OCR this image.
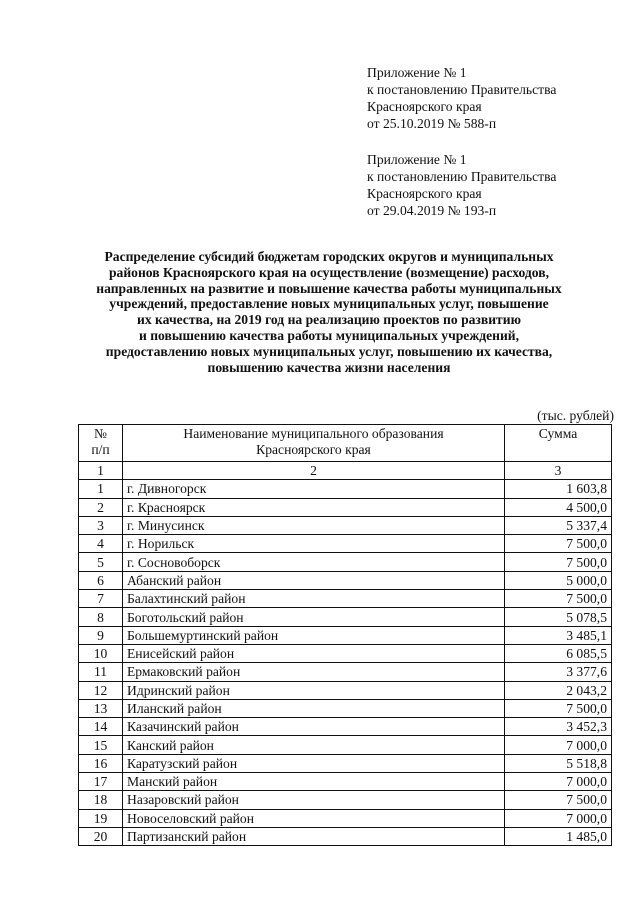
Приложение № 1

к постановлению Правительства

Красноярского края

от 25.10.2019 № 588-п

Приложение № 1

к постановлению Правительства

Красноярского края

от 29.04.2019 № 193-п

Распределение субсидий бюджетам городских округов и муниципальных

районов Красноярского края на осуществление (возмещение) расходов,

направленных на развитие и повышение качества работы муниципальных

учреждений, предоставление новых муниципальных услуг, повышение

их качества, на 2019 год на реализацию проектов по развитию

и повышению качества работы муниципальных учреждений,

предоставлению новых муниципальных услуг, повышению их качества,

повышению качества жизни населения

(тыс. рублей)
№
п/п	Наименование муниципального образования
Красноярского края	Сумма
1	2	3
1	г. Дивногорск	1 603,8
2	г. Красноярск	4 500,0
3	г. Минусинск	5 337,4
4	г. Норильск	7 500,0
5	г. Сосновоборск	7 500,0
6	Абанский район	5 000,0
7	Балахтинский район	7 500,0
8	Боготольский район	5 078,5
9	Большемуртинский район	3 485,1
10	Енисейский район	6 085,5
11	Ермаковский район	3 377,6
12	Идринский район	2 043,2
13	Иланский район	7 500,0
14	Казачинский район	3 452,3
15	Канский район	7 000,0
16	Каратузский район	5 518,8
17	Манский район	7 000,0
18	Назаровский район	7 500,0
19	Новоселовский район	7 000,0
20	Партизанский район	1 485,0
